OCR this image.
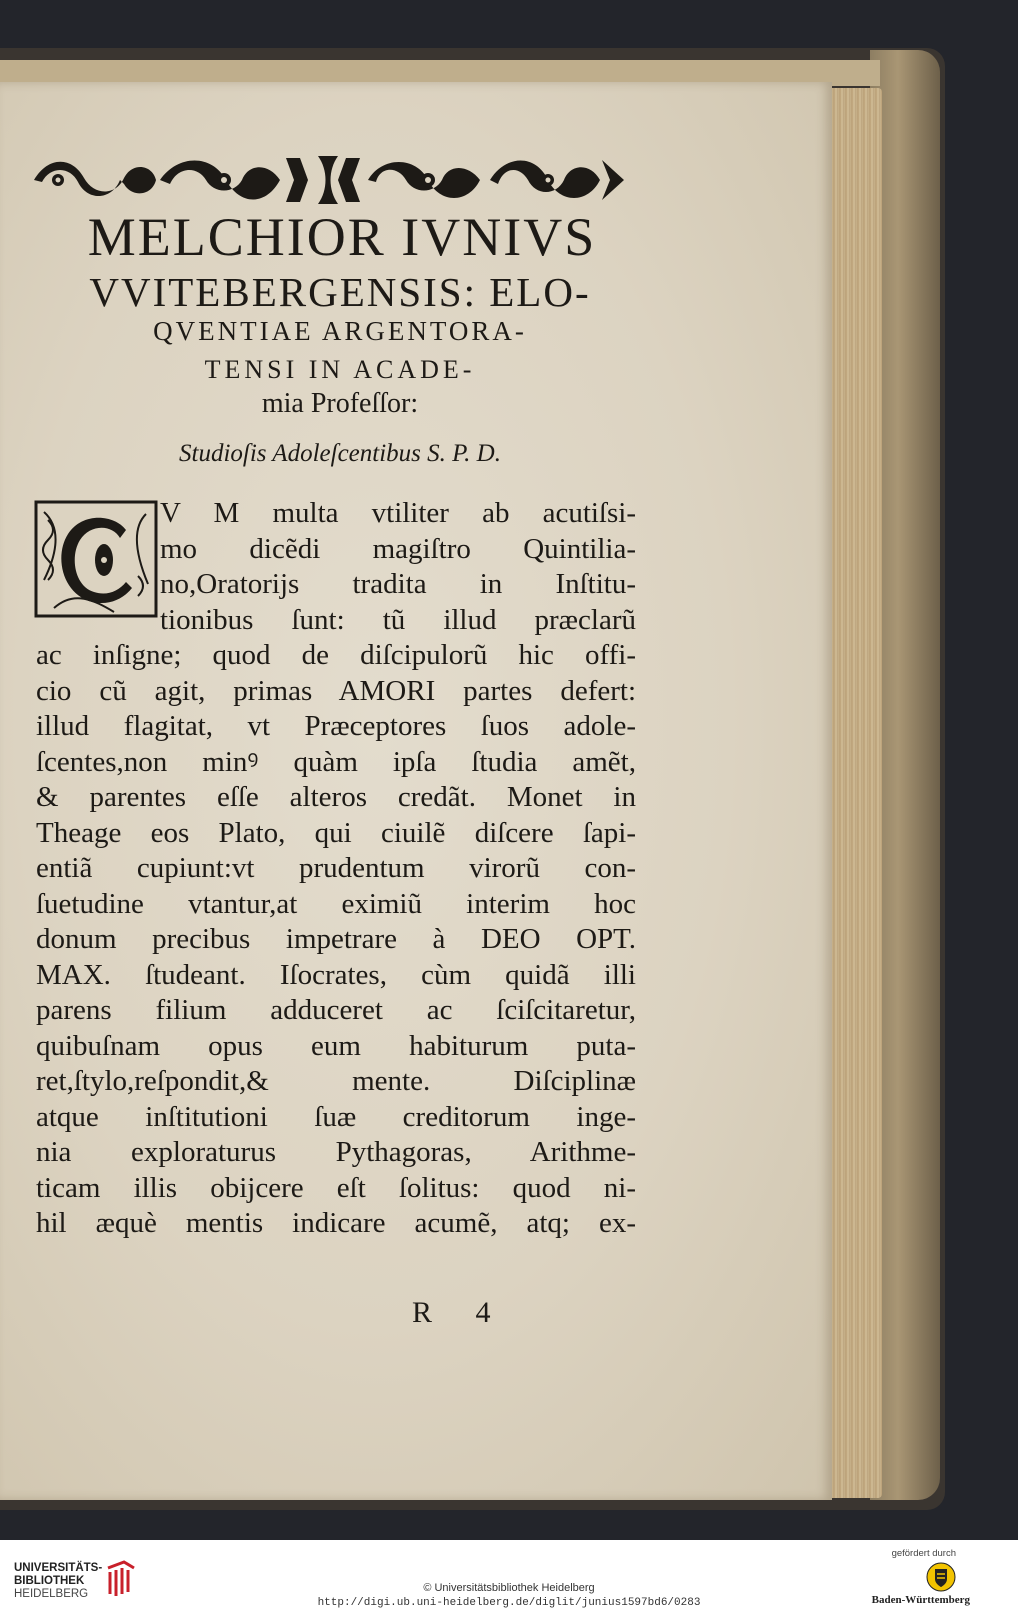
MELCHIOR IVNIVS
VVITEBERGENSIS: ELO-
QVENTIAE ARGENTORA-
TENSI IN ACADE-
mia Profeſſor:
Studioſis Adoleſcentibus S. P. D.
V M multa vtiliter ab acutiſsi-
mo dicẽdi magiſtro Quintilia-
no,Oratorijs tradita in Inſtitu-
tionibus ſunt: tũ illud præclarũ
ac inſigne; quod de diſcipulorũ hic offi-
cio cũ agit, primas AMORI partes defert:
illud flagitat, vt Præceptores ſuos adole-
ſcentes,non minꝰ quàm ipſa ſtudia amẽt,
& parentes eſſe alteros credãt. Monet in
Theage eos Plato, qui ciuilẽ diſcere ſapi-
entiã cupiunt:vt prudentum virorũ con-
ſuetudine vtantur,at eximiũ interim hoc
donum precibus impetrare à DEO OPT.
MAX. ſtudeant. Iſocrates, cùm quidã illi
parens filium adduceret ac ſciſcitaretur,
quibuſnam opus eum habiturum puta-
ret,ſtylo,reſpondit,& mente. Diſciplinæ
atque inſtitutioni ſuæ creditorum inge-
nia exploraturus Pythagoras, Arithme-
ticam illis obijcere eſt ſolitus: quod ni-
hil æquè mentis indicare acumẽ, atq; ex-
R 4
UNIVERSITÄTS-
BIBLIOTHEK
HEIDELBERG	© Universitätsbibliothek Heidelberg
http://digi.ub.uni-heidelberg.de/diglit/junius1597bd6/0283
gefördert durch
Baden-Württemberg
